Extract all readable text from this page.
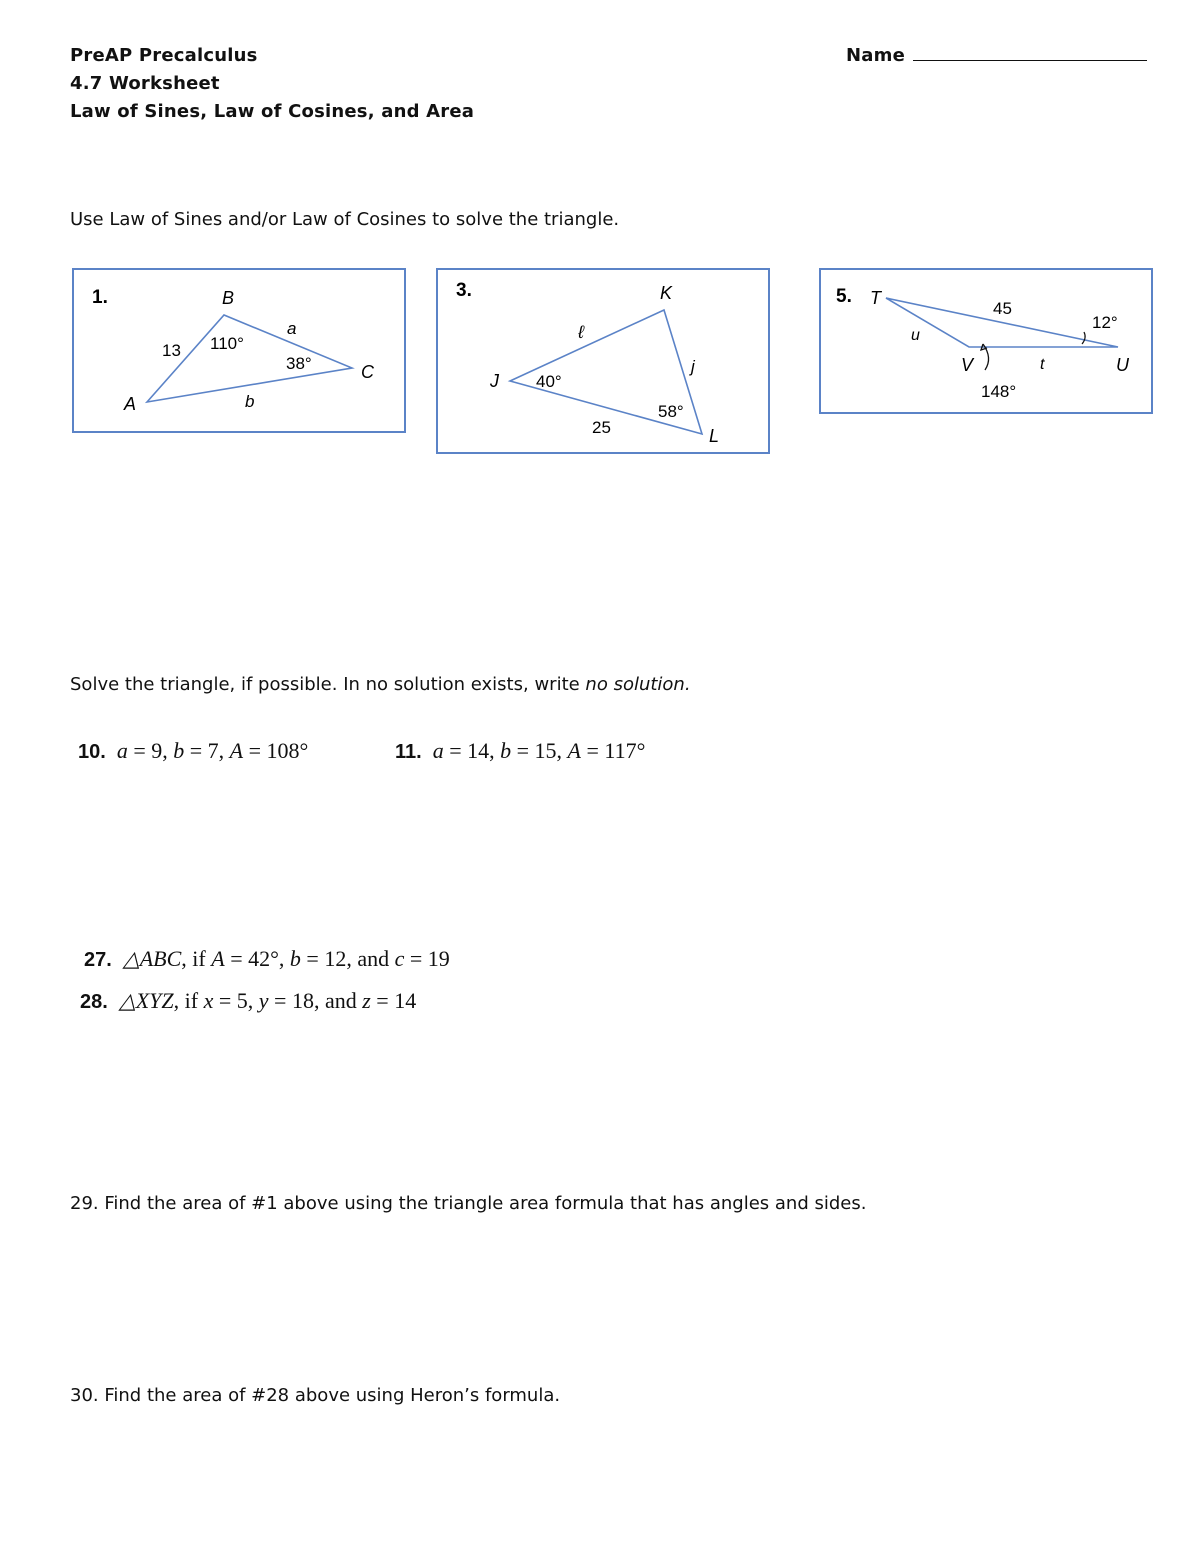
PreAP Precalculus
4.7 Worksheet
Law of Sines, Law of Cosines, and Area
Name
Use Law of Sines and/or Law of Cosines to solve the triangle.
1.	B
A
C
13
a
b
110°
38°
3.	K
J
L
ℓ
j
25
40°
58°
5. T
U
V
45
u
t
12°
148°
Solve the triangle, if possible. In no solution exists, write no solution.
10. a = 9, b = 7, A = 108°	11. a = 14, b = 15, A = 117°
27. △ABC, if A = 42°, b = 12, and c = 19
28. △XYZ, if x = 5, y = 18, and z = 14
29. Find the area of #1 above using the triangle area formula that has angles and sides.
30. Find the area of #28 above using Heron’s formula.
